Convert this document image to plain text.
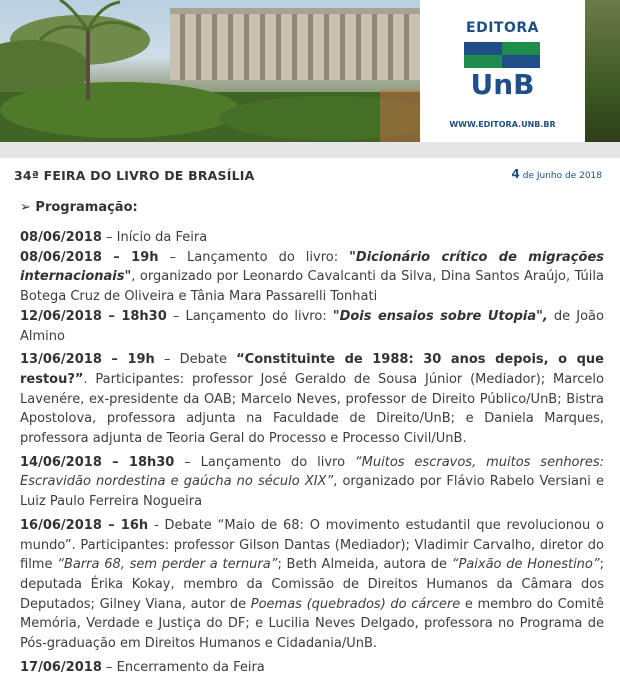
EDITORA
UnB
WWW.EDITORA.UNB.BR
34ª FEIRA DO LIVRO DE BRASÍLIA	4 de Junho de 2018
➢ Programação:
08/06/2018 – Início da Feira
08/06/2018 – 19h – Lançamento do livro: "Dicionário crítico de migrações internacionais", organizado por Leonardo Cavalcanti da Silva, Dina Santos Araújo, Túila Botega Cruz de Oliveira e Tânia Mara Passarelli Tonhati
12/06/2018 – 18h30 – Lançamento do livro: "Dois ensaios sobre Utopia", de João Almino
13/06/2018 – 19h – Debate “Constituinte de 1988: 30 anos depois, o que restou?”. Participantes: professor José Geraldo de Sousa Júnior (Mediador); Marcelo Lavenére, ex-presidente da OAB; Marcelo Neves, professor de Direito Público/UnB; Bistra Apostolova, professora adjunta na Faculdade de Direito/UnB; e Daniela Marques, professora adjunta de Teoria Geral do Processo e Processo Civil/UnB.
14/06/2018 – 18h30 – Lançamento do livro “Muitos escravos, muitos senhores: Escravidão nordestina e gaúcha no século XIX”, organizado por Flávio Rabelo Versiani e Luiz Paulo Ferreira Nogueira
16/06/2018 – 16h - Debate “Maio de 68: O movimento estudantil que revolucionou o mundo”. Participantes: professor Gilson Dantas (Mediador); Vladimir Carvalho, diretor do filme “Barra 68, sem perder a ternura”; Beth Almeida, autora de “Paixão de Honestino”; deputada Érika Kokay, membro da Comissão de Direitos Humanos da Câmara dos Deputados; Gilney Viana, autor de Poemas (quebrados) do cárcere e membro do Comitê Memória, Verdade e Justiça do DF; e Lucilia Neves Delgado, professora no Programa de Pós-graduação em Direitos Humanos e Cidadania/UnB.
17/06/2018 – Encerramento da Feira
